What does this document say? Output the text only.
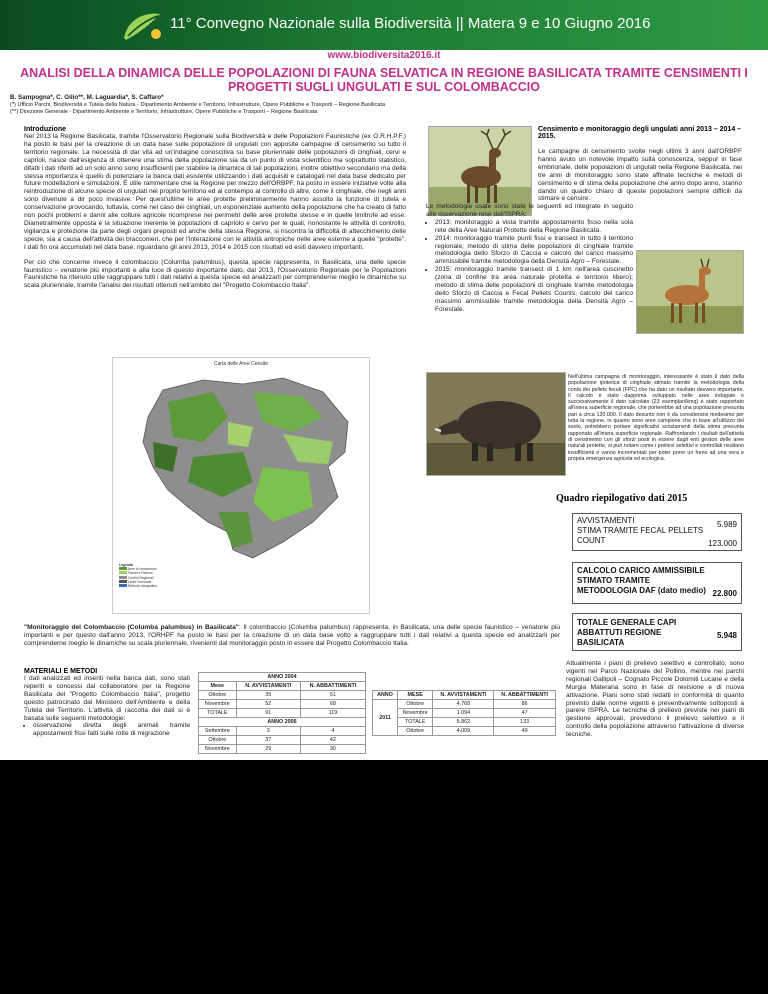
11° Convegno Nazionale sulla Biodiversità || Matera 9 e 10 Giugno 2016
www.biodiversita2016.it
ANALISI DELLA DINAMICA DELLE POPOLAZIONI DI FAUNA SELVATICA IN REGIONE BASILICATA TRAMITE CENSIMENTI I PROGETTI SUGLI UNGULATI E SUL COLOMBACCIO
B. Sampogna*, C. Gilio**, M. Laguardia*, S. Caffaro*
(*) Ufficio Parchi, Biodiversità e Tutela della Natura - Dipartimento Ambiente e Territorio, Infrastrutture, Opere Pubbliche e Trasporti – Regione Basilicata
(**) Direzione Generale - Dipartimento Ambiente e Territorio, Infrastrutture, Opere Pubbliche e Trasporti – Regione Basilicata
Introduzione

Nel 2013 la Regione Basilicata, tramite l'Osservatorio Regionale sulla Biodiversità e delle Popolazioni Faunistiche (ex O.R.H.P.F.) ha posto le basi per la creazione di un data base sulle popolazioni di ungulati con apposite campagne di censimento su tutto il territorio regionale. La necessità di dar vita ad un'indagine conoscitiva su base pluriennale delle popolazioni di cinghiali, cervi e caprioli, nasce dall'esigenza di ottenere una stima della popolazione sia da un punto di vista scientifico ma soprattutto statistico, difatti i dati riferiti ad un solo anno sono insufficienti per stabilire la dinamica di tali popolazioni, inoltre obiettivo secondario ma della stessa importanza è quello di potenziare la banca dati esistente utilizzando i dati acquisiti e catalogati nel data base dedicato per future modellazioni e simulazioni. È utile rammentare che la Regione per mezzo dell'ORBPF, ha posto in essere iniziative volte alla reintroduzione di alcune specie di ungulati nel proprio territorio ed al contempo al controllo di altre, come il cinghiale, che negli anni sono divenute a dir poco invasive. Per quest'ultime le aree protette preliminarmente hanno assolto la funzione di tutela e conservazione provocando, tuttavia, come nel caso dei cinghiali, un esponenziale aumento della popolazione che ha creato di fatto non pochi problemi e danni alle colture agricole ricomprese nei perimetri delle aree protette stesse e in quelle limitrofe ad esse. Diametralmente opposta è la situazione inerente le popolazioni di capriolo e cervo per le quali, nonostante le attività di controllo, vigilanza e protezione da parte degli organi preposti ed anche della stessa Regione, si riscontra la difficoltà di attecchimento delle specie, sia a causa dell'attività dei bracconieri, che per l'interazione con le attività antropiche nelle aree esterne a quelle "protette". I dati fin ora accumulati nel data base, riguardano gli anni 2013, 2014 e 2015 con risultati ed esiti davvero importanti.

Per ciò che concerne invece il colombaccio (Columba palumbus), questa specie rappresenta, in Basilicata, una delle specie faunistico – venatorie più importanti e alla luce di questo importante dato, dal 2013, l'Osservatorio Regionale per le Popolazioni Faunistiche ha ritenuto utile raggruppare tutti i dati relativi a questa specie ed analizzarli per comprenderne meglio le dinamiche su scala pluriennale, tramite l'analisi dei risultati ottenuti nell'ambito del "Progetto Colombaccio Italia".

Carta delle Aree Censite
Legenda
Aree di censimento
Parchi e Riserve
Confini Regionali
Limiti Comunali
Reticolo idrografico
Censimento e monitoraggio degli ungulati anni 2013 – 2014 – 2015.

Le campagne di censimento svolte negli ultimi 3 anni dall'ORBPF hanno avuto un notevole impatto sulla conoscenza, seppur in fase embrionale, delle popolazioni di ungulati nella Regione Basilicata. nei tre anni di monitoraggio sono state affinate tecniche e metodi di censimento e di stima della popolazione che anno dopo anno, stanno dando un quadro chiaro di queste popolazioni sempre difficili da stimare e censire.

Le metodologie usate sono state le seguenti ed integrate in seguito alle osservazione rese dall'ISPRA:

• 2013: monitoraggio a vista tramite appostamento fisso nella sola rete della Aree Naturali Protette della Regione Basilicata.
• 2014: monitoraggio tramite punti fissi e transect in tutto il territorio regionale; metodo di stima delle popolazioni di cinghiale tramite metodologia dello Sforzo di Caccia e calcolo del carico massimo ammissibile tramite metodologia della Densità Agro – Forestale.
• 2015: monitoraggio tramite transect di 1 km nell'area cuscinetto (zona di confine tra area naturale protetta e territorio libero); metodo di stima delle popolazioni di cinghiale tramite metodologia dello Sforzo di Caccia e Fecal Pellets Counts, calcolo del carico massimo ammissibile tramite metodologia della Densità Agro – Forestale.

Nell'ultima campagna di monitoraggio, interessante è stato il dato della popolazione ipotetica di cinghiale stimato tramite la metodologia della conta dei pellets fecali (FPC) che ha dato un risultato davvero importante. Il calcolo è stato dapprima sviluppato nelle aree indagate e successivamente il dato calcolato (23 esemplari/kmq) è stato rapportato all'intera superficie regionale, che porterebbe ad una popolazione presunta pari a circa 120.000. Il dato desunto non è da considerarsi medesimo per tutta la regione, in quanto sono aree campione che in base all'utilizzo del suolo, potrebbero portare significativi scostamenti della stima presunta rapportato all'intera superficie regionale. Raffrontando i risultati dell'attività di censimento con gli sforzi posti in essere dagli enti gestori delle aree naturali protette, si può notare come i prelievi selettivi e controllati risultano insufficienti e vanno incrementati per poter porre un freno ad una vera e propria emergenza agricola ed ecologica.

Quadro riepilogativo dati 2015
AVVISTAMENTI	5.989
STIMA TRAMITE FECAL PELLETS COUNT	123.000
CALCOLO CARICO AMMISSIBILE STIMATO TRAMITE METODOLOGIA DAF (dato medio) 22.800
TOTALE GENERALE CAPI ABBATTUTI REGIONE BASILICATA
5.948

"Monitoraggio del Colombaccio (Columba palumbus) in Basilicata": Il colombaccio (Columba palumbus) rappresenta, in Basilicata, una delle specie faunistico – venatorie più importanti e per questo dall'anno 2013, l'ORHPF ha posto le basi per la creazione di un data base volto a raggruppare tutti i dati relativi a questa specie ed analizzarli per comprenderne meglio le dinamiche su scala pluriennale, rivenienti dal monitoraggio posto in essere dal Progetto Colombaccio Italia.

MATERIALI E METODI

I dati analizzati ed inseriti nella banca dati, sono stati reperiti e concessi dal collaboratore per la Regione Basilicata del "Progetto Colombaccio Italia", progetto questo patrocinato dal Ministero dell'Ambiente e della Tutela del Territorio. L'attività di raccolta dei dati si è basata sulle seguenti metodologie:

• osservazione diretta degli animali tramite appostamenti fissi fatti sulle rotte di migrazione
ANNO 2004		
Mese	N. AVVISTAMENTI	N. ABBATTIMENTI
Ottobre	39	51
Novembre	52	68
TOTALE	91	119
ANNO 2006		
Settembre	3	4
Ottobre	37	42
Novembre	29	30
ANNO	MESE	N. AVVISTAMENTI	N. ABBATTIMENTI
2011	Ottobre	4.768	86
	Novembre	1.094	47
	TOTALE	5.862	133
	Ottobre	4.009	49

Attualmente i piani di prelievo selettivo e controllato, sono vigenti nel Parco Nazionale del Pollino, mentre nei parchi regionali Gallipoli – Cognato Piccole Dolomiti Lucane e della Murgia Materana sono in fase di revisione e di nuova attivazione. Piani sono stati redatti in conformità di quanto previsto dalle norme vigenti e preventivamente sottoposti a parere ISPRA. Le tecniche di prelievo previste nei piani di gestione approvati, prevedono il prelievo selettivo e il controllo della popolazione attraverso l'attivazione di diverse tecniche.
